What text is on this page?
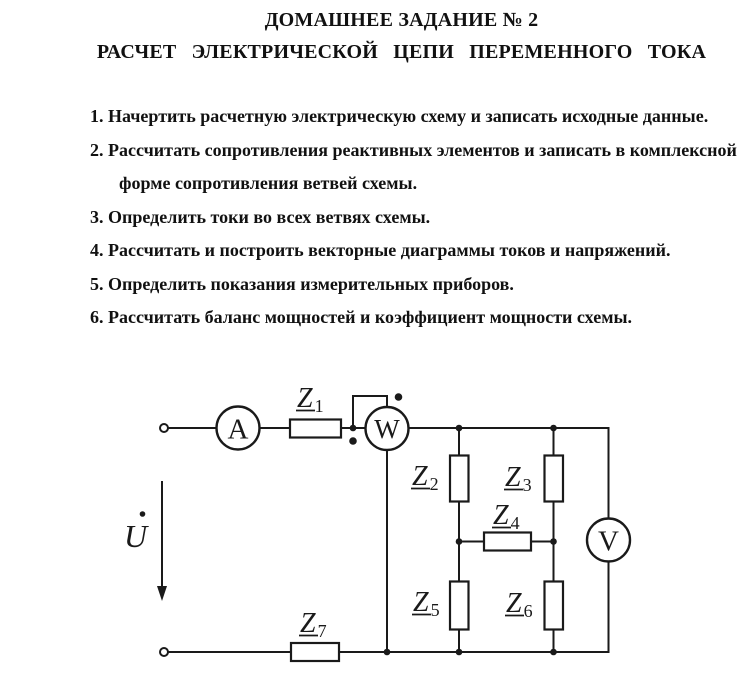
ДОМАШНЕЕ ЗАДАНИЕ № 2
РАСЧЕТ ЭЛЕКТРИЧЕСКОЙ ЦЕПИ ПЕРЕМЕННОГО ТОКА
1. Начертить расчетную электрическую схему и записать исходные данные.
2. Рассчитать сопротивления реактивных элементов и записать в комплексной
форме сопротивления ветвей схемы.
3. Определить токи во всех ветвях схемы.
4. Рассчитать и построить векторные диаграммы токов и напряжений.
5. Определить показания измерительных приборов.
6. Рассчитать баланс мощностей и коэффициент мощности схемы.
U
A	W
V
Z 1
Z 2 Z 3
Z 4
Z 5 Z 6
Z 7
